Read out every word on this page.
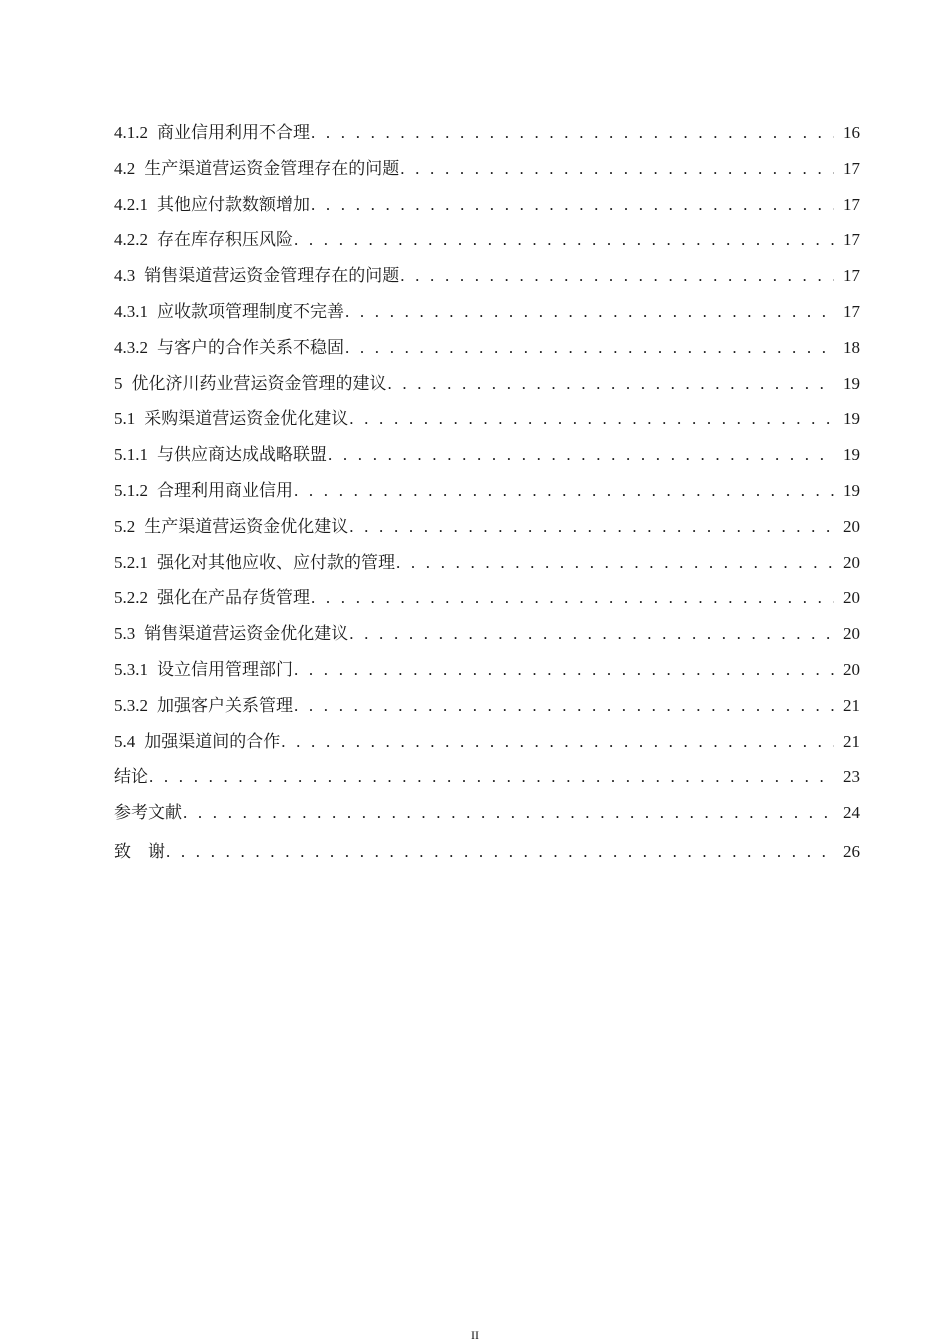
4.1.2 商业信用利用不合理 . . .	16
4.2 生产渠道营运资金管理存在的问题 . . .	17
4.2.1 其他应付款数额增加 . . .	17
4.2.2 存在库存积压风险 . . .	17
4.3 销售渠道营运资金管理存在的问题 . . .	17
4.3.1 应收款项管理制度不完善 . . .	17
4.3.2 与客户的合作关系不稳固 . . .	18
5 优化济川药业营运资金管理的建议 . . .	19
5.1 采购渠道营运资金优化建议 . . .	19
5.1.1 与供应商达成战略联盟 . . .	19
5.1.2 合理利用商业信用 . . .	19
5.2 生产渠道营运资金优化建议 . . .	20
5.2.1 强化对其他应收、应付款的管理 . . .	20
5.2.2 强化在产品存货管理 . . .	20
5.3 销售渠道营运资金优化建议 . . .	20
5.3.1 设立信用管理部门 . . .	20
5.3.2 加强客户关系管理 . . .	21
5.4 加强渠道间的合作 . . .	21
结论 . . .	23
参考文献 . . .	24
致　谢 . . .	26
II
